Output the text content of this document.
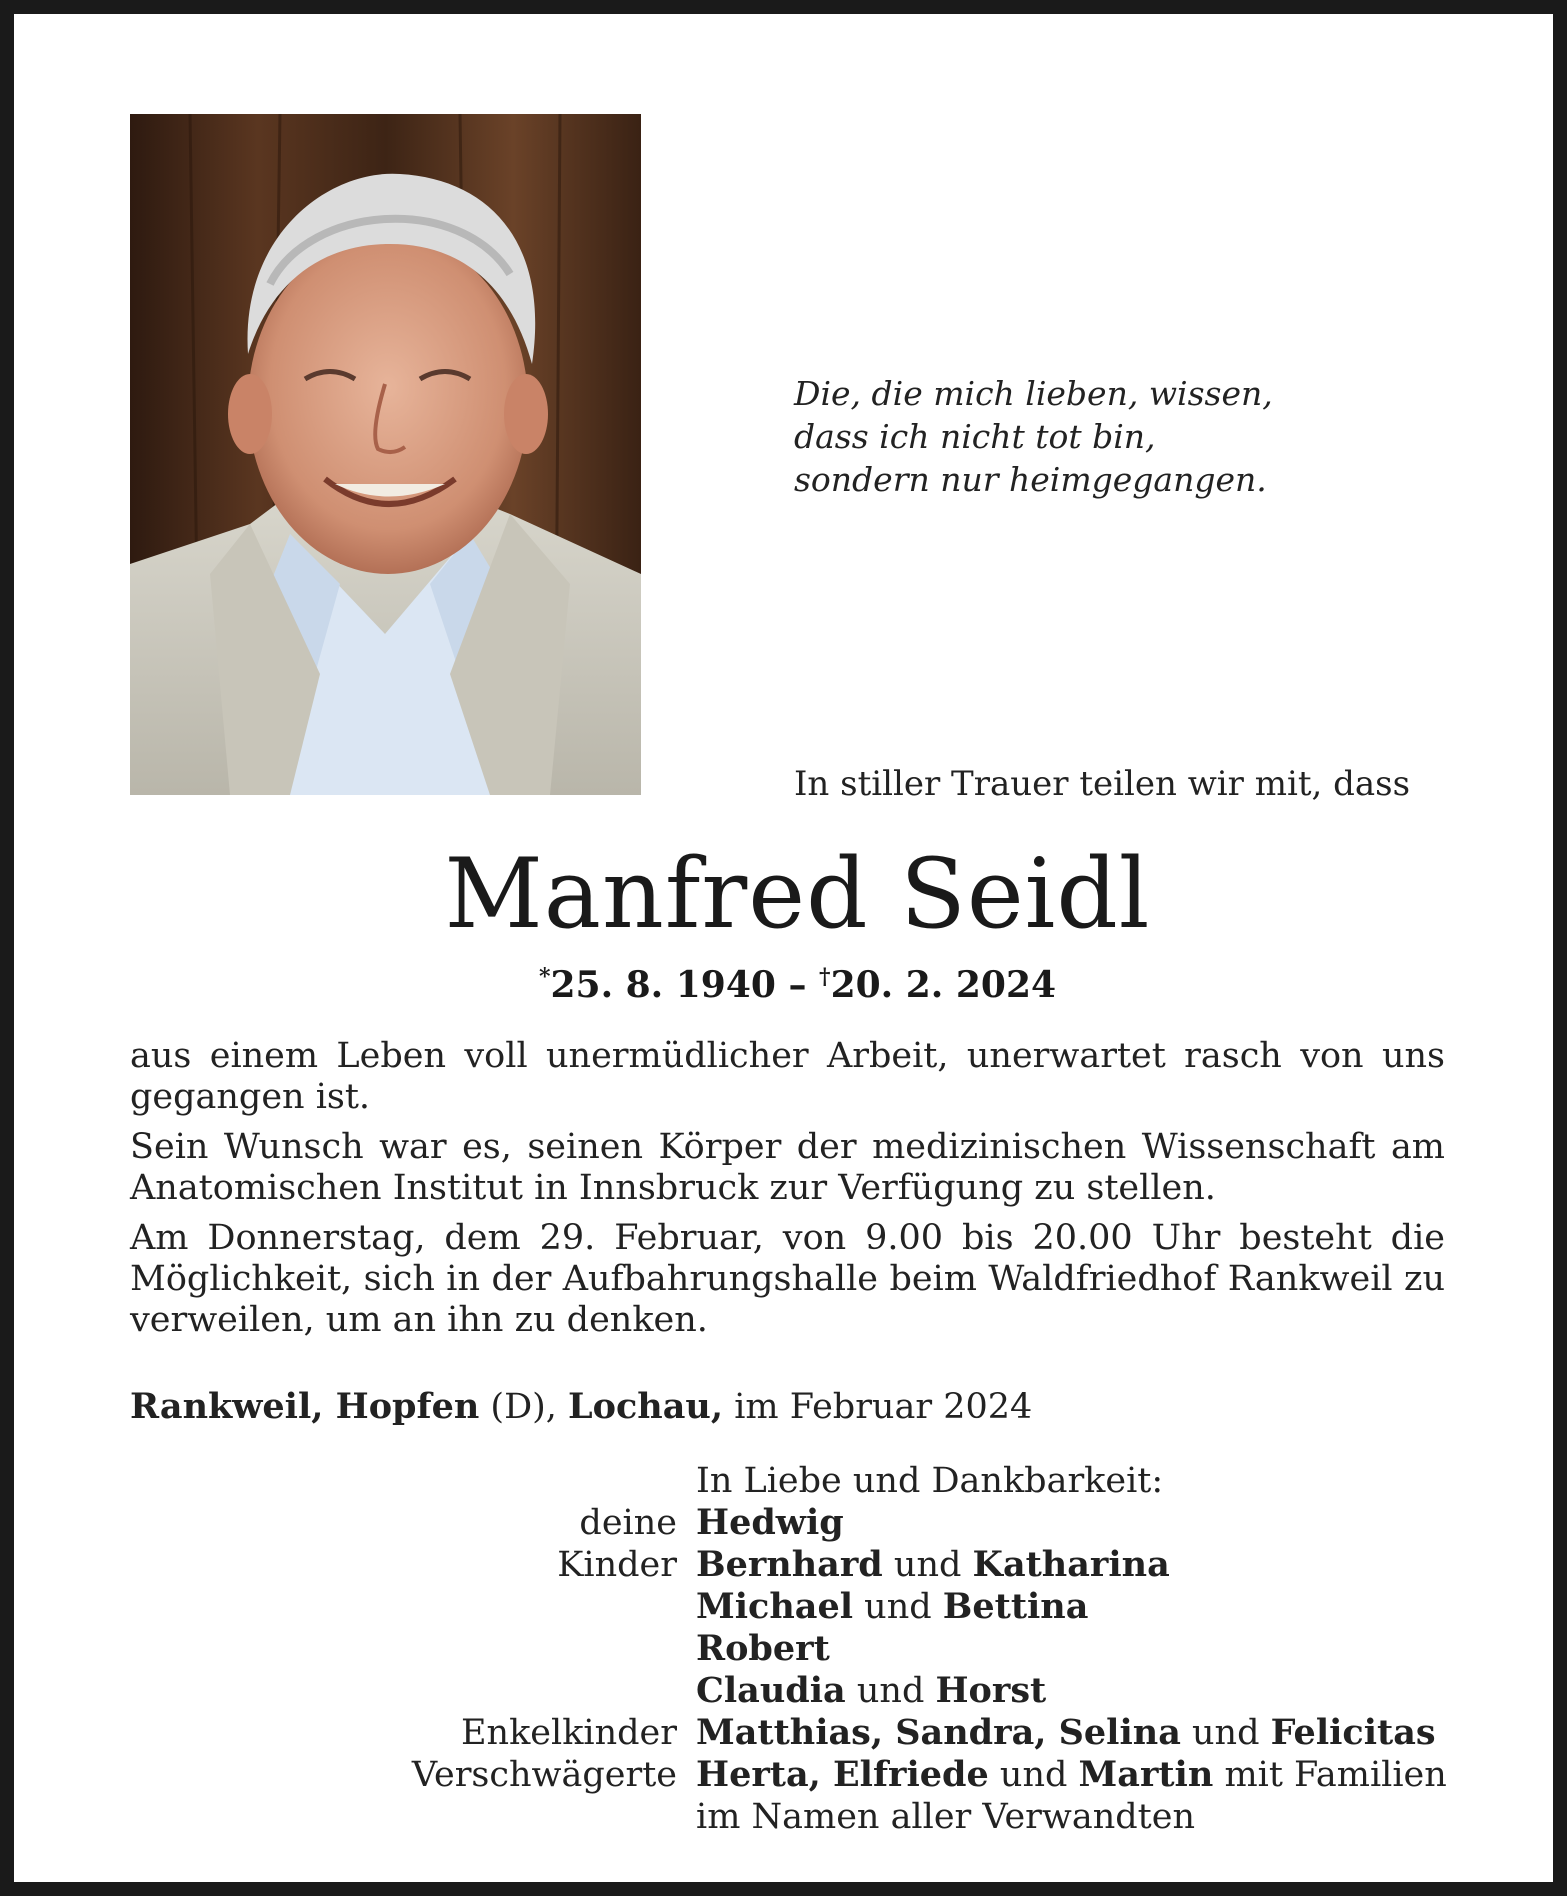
Die, die mich lieben, wissen,
dass ich nicht tot bin,
sondern nur heimgegangen.
In stiller Trauer teilen wir mit, dass
Manfred Seidl
*25. 8. 1940 – †20. 2. 2024

aus einem Leben voll unermüdlicher Arbeit, unerwartet rasch von uns gegangen ist.

Sein Wunsch war es, seinen Körper der medizinischen Wissenschaft am Anatomischen Institut in Innsbruck zur Verfügung zu stellen.

Am Donnerstag, dem 29. Februar, von 9.00 bis 20.00 Uhr besteht die Möglichkeit, sich in der Aufbahrungshalle beim Waldfriedhof Rankweil zu verweilen, um an ihn zu denken.

Rankweil, Hopfen (D), Lochau, im Februar 2024
In Liebe und Dankbarkeit:
deine Hedwig
Kinder Bernhard und Katharina
Michael und Bettina
Robert
Claudia und Horst
Enkelkinder Matthias, Sandra, Selina und Felicitas
Verschwägerte Herta, Elfriede und Martin mit Familien
im Namen aller Verwandten
